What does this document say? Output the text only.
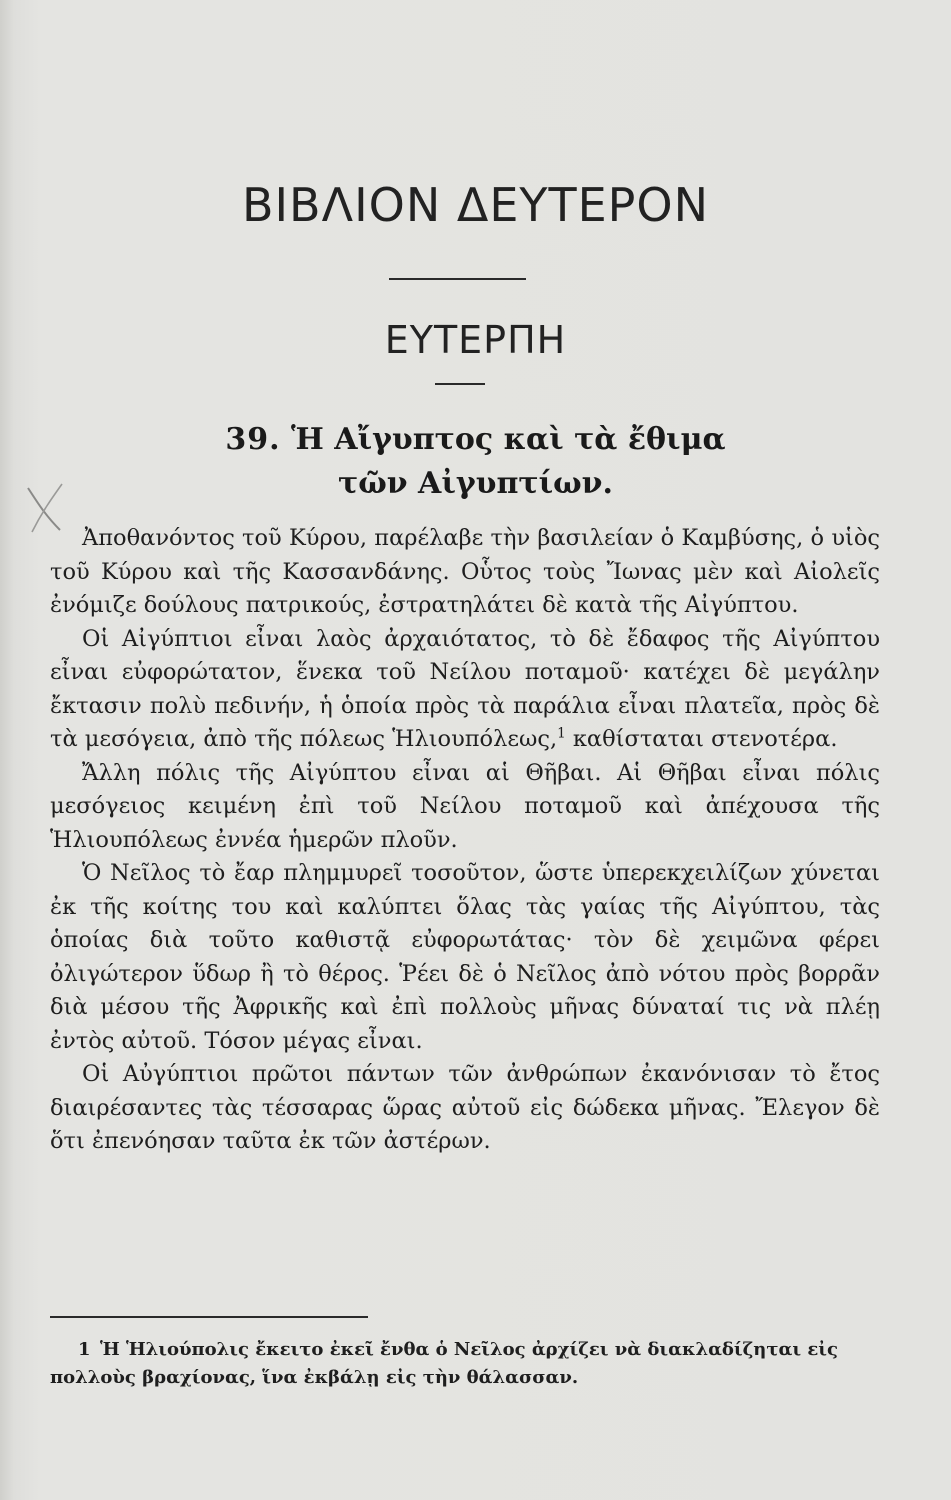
ΒΙΒΛΙΟΝ ΔΕΥΤΕΡΟΝ
ΕΥΤΕΡΠΗ
39. Ἡ Αἴγυπτος καὶ τὰ ἔθιμα
τῶν Αἰγυπτίων.

Ἀποθανόντος τοῦ Κύρου, παρέλαβε τὴν βασιλείαν ὁ Καμβύσης, ὁ υἱὸς τοῦ Κύρου καὶ τῆς Κασσανδάνης. Οὗτος τοὺς Ἴωνας μὲν καὶ Αἰολεῖς ἐνόμιζε δούλους πατρικούς, ἐστρατηλάτει δὲ κατὰ τῆς Αἰγύπτου.

Οἱ Αἰγύπτιοι εἶναι λαὸς ἀρχαιότατος, τὸ δὲ ἔδαφος τῆς Αἰγύπτου εἶναι εὐφορώτατον, ἕνεκα τοῦ Νείλου ποταμοῦ· κατέχει δὲ μεγάλην ἔκτασιν πολὺ πεδινήν, ἡ ὁποία πρὸς τὰ παράλια εἶναι πλατεῖα, πρὸς δὲ τὰ μεσόγεια, ἀπὸ τῆς πόλεως Ἡλιουπόλεως,$^1$ καθίσταται στενοτέρα.

Ἄλλη πόλις τῆς Αἰγύπτου εἶναι αἱ Θῆβαι. Αἱ Θῆβαι εἶναι πόλις μεσόγειος κειμένη ἐπὶ τοῦ Νείλου ποταμοῦ καὶ ἀπέχουσα τῆς Ἡλιουπόλεως ἐννέα ἡμερῶν πλοῦν.

Ὁ Νεῖλος τὸ ἔαρ πλημμυρεῖ τοσοῦτον, ὥστε ὑπερεκχειλίζων χύνεται ἐκ τῆς κοίτης του καὶ καλύπτει ὅλας τὰς γαίας τῆς Αἰγύπτου, τὰς ὁποίας διὰ τοῦτο καθιστᾷ εὐφορωτάτας· τὸν δὲ χειμῶνα φέρει ὀλιγώτερον ὕδωρ ἢ τὸ θέρος. Ῥέει δὲ ὁ Νεῖλος ἀπὸ νότου πρὸς βορρᾶν διὰ μέσου τῆς Ἀφρικῆς καὶ ἐπὶ πολλοὺς μῆνας δύναταί τις νὰ πλέῃ ἐντὸς αὐτοῦ. Τόσον μέγας εἶναι.

Οἱ Αὐγύπτιοι πρῶτοι πάντων τῶν ἀνθρώπων ἐκανόνισαν τὸ ἔτος διαιρέσαντες τὰς τέσσαρας ὥρας αὐτοῦ εἰς δώδεκα μῆνας. Ἔλεγον δὲ ὅτι ἐπενόησαν ταῦτα ἐκ τῶν ἀστέρων.

1 Ἡ Ἡλιούπολις ἔκειτο ἐκεῖ ἔνθα ὁ Νεῖλος ἀρχίζει νὰ διακλαδίζηται εἰς πολλοὺς βραχίονας, ἵνα ἐκβάλῃ εἰς τὴν θάλασσαν.
